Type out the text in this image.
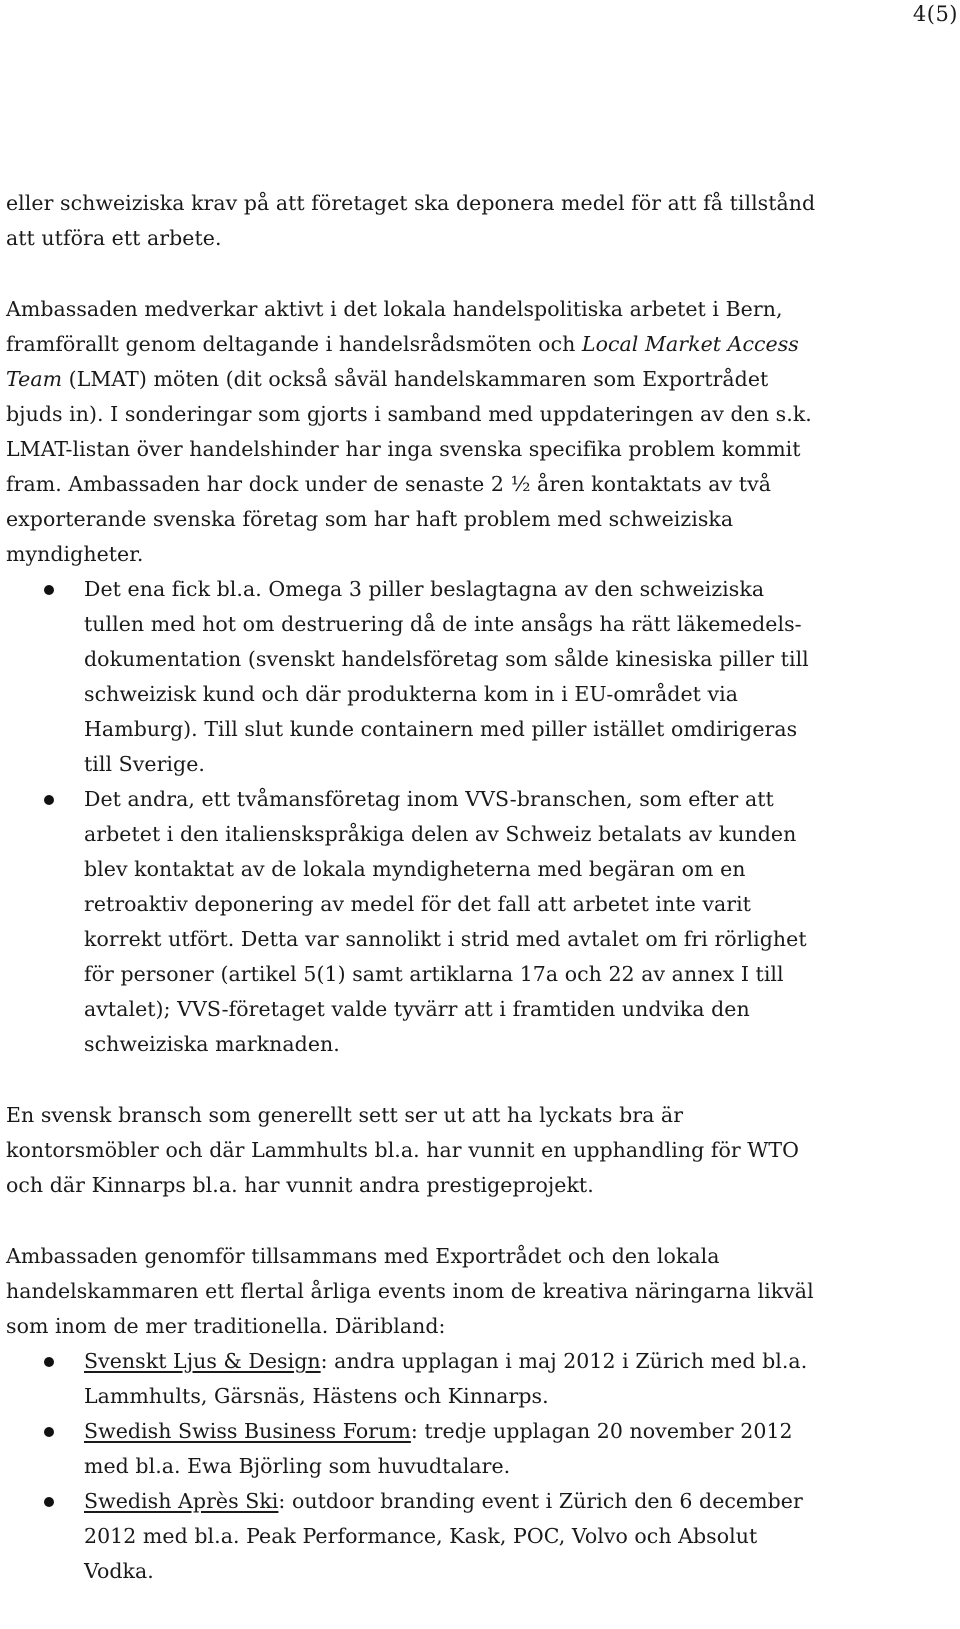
4(5)

eller schweiziska krav på att företaget ska deponera medel för att få tillstånd att utföra ett arbete.

Ambassaden medverkar aktivt i det lokala handelspolitiska arbetet i Bern, framförallt genom deltagande i handelsrådsmöten och Local Market Access Team (LMAT) möten (dit också såväl handelskammaren som Exportrådet bjuds in). I sonderingar som gjorts i samband med uppdateringen av den s.k. LMAT-listan över handelshinder har inga svenska specifika problem kommit fram. Ambassaden har dock under de senaste 2 ½ åren kontaktats av två exporterande svenska företag som har haft problem med schweiziska myndigheter.

Det ena fick bl.a. Omega 3 piller beslagtagna av den schweiziska tullen med hot om destruering då de inte ansågs ha rätt läkemedels-dokumentation (svenskt handelsföretag som sålde kinesiska piller till schweizisk kund och där produkterna kom in i EU-området via Hamburg). Till slut kunde containern med piller istället omdirigeras till Sverige.
Det andra, ett tvåmansföretag inom VVS-branschen, som efter att arbetet i den italienskspråkiga delen av Schweiz betalats av kunden blev kontaktat av de lokala myndigheterna med begäran om en retroaktiv deponering av medel för det fall att arbetet inte varit korrekt utfört. Detta var sannolikt i strid med avtalet om fri rörlighet för personer (artikel 5(1) samt artiklarna 17a och 22 av annex I till avtalet); VVS-företaget valde tyvärr att i framtiden undvika den schweiziska marknaden.

En svensk bransch som generellt sett ser ut att ha lyckats bra är kontorsmöbler och där Lammhults bl.a. har vunnit en upphandling för WTO och där Kinnarps bl.a. har vunnit andra prestigeprojekt.

Ambassaden genomför tillsammans med Exportrådet och den lokala handelskammaren ett flertal årliga events inom de kreativa näringarna likväl som inom de mer traditionella. Däribland:

Svenskt Ljus & Design: andra upplagan i maj 2012 i Zürich med bl.a. Lammhults, Gärsnäs, Hästens och Kinnarps.
Swedish Swiss Business Forum: tredje upplagan 20 november 2012 med bl.a. Ewa Björling som huvudtalare.
Swedish Après Ski: outdoor branding event i Zürich den 6 december 2012 med bl.a. Peak Performance, Kask, POC, Volvo och Absolut Vodka.
